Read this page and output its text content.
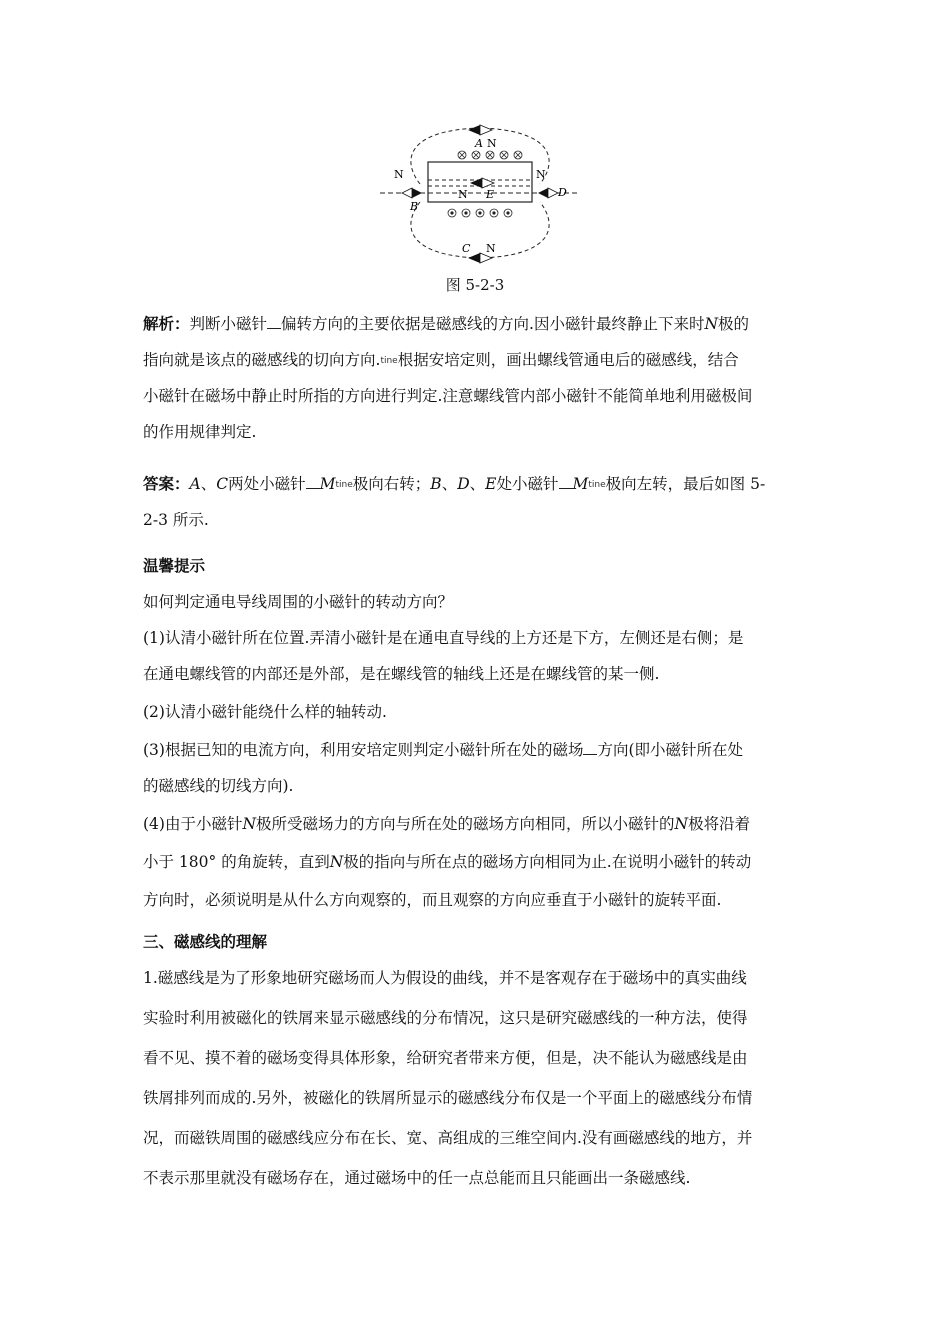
A N
B
N
C N
D
N
N E
图 5-2-3
解析：判断小磁针 偏转方向的主要依据是磁感线的方向.因小磁针最终静止下来时N极的
指向就是该点的磁感线的切向方向.tine根据安培定则，画出螺线管通电后的磁感线，结合
小磁针在磁场中静止时所指的方向进行判定.注意螺线管内部小磁针不能简单地利用磁极间
的作用规律判定.
答案：A、C两处小磁针 Mtine极向右转；B、D、E处小磁针 Mtine极向左转，最后如图 5-
2-3 所示.
温馨提示
如何判定通电导线周围的小磁针的转动方向？
(1)认清小磁针所在位置.弄清小磁针是在通电直导线的上方还是下方，左侧还是右侧；是
在通电螺线管的内部还是外部，是在螺线管的轴线上还是在螺线管的某一侧.
(2)认清小磁针能绕什么样的轴转动.
(3)根据已知的电流方向，利用安培定则判定小磁针所在处的磁场 方向(即小磁针所在处
的磁感线的切线方向).
(4)由于小磁针N极所受磁场力的方向与所在处的磁场方向相同，所以小磁针的N极将沿着
小于 180° 的角旋转，直到N极的指向与所在点的磁场方向相同为止.在说明小磁针的转动
方向时，必须说明是从什么方向观察的，而且观察的方向应垂直于小磁针的旋转平面.
三、磁感线的理解
1.磁感线是为了形象地研究磁场而人为假设的曲线，并不是客观存在于磁场中的真实曲线
实验时利用被磁化的铁屑来显示磁感线的分布情况，这只是研究磁感线的一种方法，使得
看不见、摸不着的磁场变得具体形象，给研究者带来方便，但是，决不能认为磁感线是由
铁屑排列而成的.另外，被磁化的铁屑所显示的磁感线分布仅是一个平面上的磁感线分布情
况，而磁铁周围的磁感线应分布在长、宽、高组成的三维空间内.没有画磁感线的地方，并
不表示那里就没有磁场存在，通过磁场中的任一点总能而且只能画出一条磁感线.
